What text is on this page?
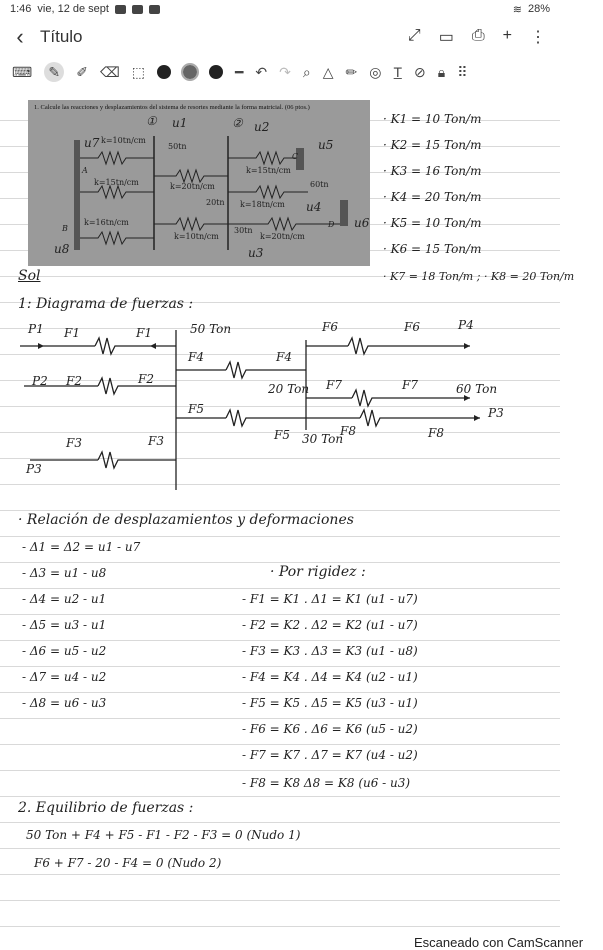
1:46 vie, 12 de sept	≋ 28%
‹ Título	⤢ ▭ ⎙ + ⋮
⌨ ✎ ✐ ⌫ ⬚	━ ↶ ↷ ⌕ △ ✏ ◎ T̲ ⊘ 🔒︎ ⠿
1. Calcule las reacciones y desplazamientos del sistema de resortes mediante la forma matricial. (06 ptos.)
k=10tn/cm
k=15tn/cm	k=20tn/cm
k=15tn/cm
k=18tn/cm
k=16tn/cm
k=10tn/cm	k=20tn/cm
50tn
20tn
60tn
30tn
u1	u2
u3
u4
u5
u6
u7
u8
A
B
C
D
①	②	· K1 = 10 Ton/m
· K2 = 15 Ton/m
· K3 = 16 Ton/m
· K4 = 20 Ton/m
· K5 = 10 Ton/m
· K6 = 15 Ton/m
· K7 = 18 Ton/m ; · K8 = 20 Ton/m
Sol
1: Diagrama de fuerzas :
P1 F1	F1	50 Ton	F6	F6	P4
P2 F2	F2
F4	F4
20 Ton F7	F7	60 Ton
F5	P3
F5 30 Ton
F8	F8
F3	F3
P3
· Relación de desplazamientos y deformaciones
- Δ1 = Δ2 = u1 - u7
- Δ3 = u1 - u8
- Δ4 = u2 - u1
- Δ5 = u3 - u1
- Δ6 = u5 - u2
- Δ7 = u4 - u2
- Δ8 = u6 - u3
· Por rigidez :
- F1 = K1 . Δ1 = K1 (u1 - u7)
- F2 = K2 . Δ2 = K2 (u1 - u7)
- F3 = K3 . Δ3 = K3 (u1 - u8)
- F4 = K4 . Δ4 = K4 (u2 - u1)
- F5 = K5 . Δ5 = K5 (u3 - u1)
- F6 = K6 . Δ6 = K6 (u5 - u2)
- F7 = K7 . Δ7 = K7 (u4 - u2)
- F8 = K8 Δ8 = K8 (u6 - u3)
2. Equilibrio de fuerzas :
50 Ton + F4 + F5 - F1 - F2 - F3 = 0 (Nudo 1)
F6 + F7 - 20 - F4 = 0 (Nudo 2)
Escaneado con CamScanner
